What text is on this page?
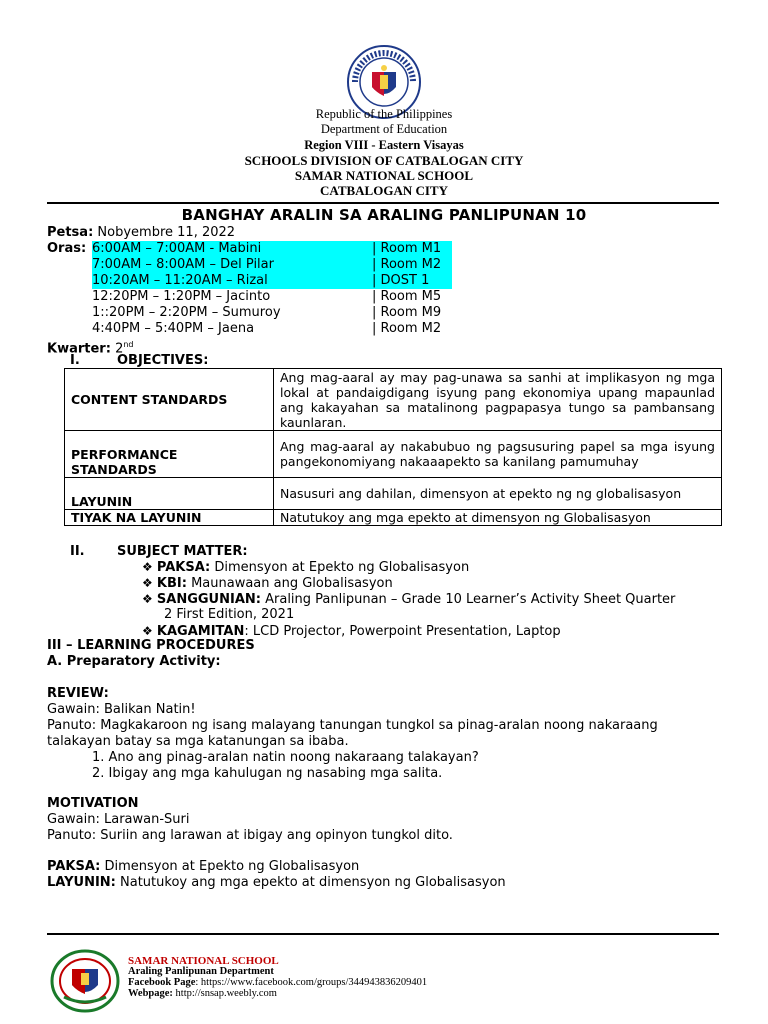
Republic of the Philippines
Department of Education
Region VIII - Eastern Visayas
SCHOOLS DIVISION OF CATBALOGAN CITY
SAMAR NATIONAL SCHOOL
CATBALOGAN CITY
BANGHAY ARALIN SA ARALING PANLIPUNAN 10
Petsa: Nobyembre 11, 2022
Oras: 6:00AM – 7:00AM - Mabini	| Room M1
7:00AM – 8:00AM – Del Pilar	| Room M2
10:20AM – 11:20AM – Rizal	| DOST 1
12:20PM – 1:20PM – Jacinto	| Room M5
1::20PM – 2:20PM – Sumuroy	| Room M9
4:40PM – 5:40PM – Jaena	| Room M2
Kwarter: 2nd
I.	OBJECTIVES:
CONTENT STANDARDS	Ang mag-aaral ay may pag-unawa sa sanhi at implikasyon ng mga lokal at pandaigdigang isyung pang ekonomiya upang mapaunlad ang kakayahan sa matalinong pagpapasya tungo sa pambansang kaunlaran.
PERFORMANCE STANDARDS	Ang mag-aaral ay nakabubuo ng pagsusuring papel sa mga isyung pangekonomiyang nakaaapekto sa kanilang pamumuhay
LAYUNIN	Nasusuri ang dahilan, dimensyon at epekto ng ng globalisasyon
TIYAK NA LAYUNIN	Natutukoy ang mga epekto at dimensyon ng Globalisasyon
II. SUBJECT MATTER:
❖ PAKSA: Dimensyon at Epekto ng Globalisasyon
❖ KBI: Maunawaan ang Globalisasyon
❖ SANGGUNIAN: Araling Panlipunan – Grade 10 Learner’s Activity Sheet Quarter
2 First Edition, 2021
❖ KAGAMITAN: LCD Projector, Powerpoint Presentation, Laptop
III – LEARNING PROCEDURES
A. Preparatory Activity:
REVIEW:
Gawain: Balikan Natin!
Panuto: Magkakaroon ng isang malayang tanungan tungkol sa pinag-aralan noong nakaraang
talakayan batay sa mga katanungan sa ibaba.
1. Ano ang pinag-aralan natin noong nakaraang talakayan?
2. Ibigay ang mga kahulugan ng nasabing mga salita.
MOTIVATION
Gawain: Larawan-Suri
Panuto: Suriin ang larawan at ibigay ang opinyon tungkol dito.
PAKSA: Dimensyon at Epekto ng Globalisasyon
LAYUNIN: Natutukoy ang mga epekto at dimensyon ng Globalisasyon
SAMAR NATIONAL SCHOOL
Araling Panlipunan Department
Facebook Page: https://www.facebook.com/groups/344943836209401
Webpage: http://snsap.weebly.com
